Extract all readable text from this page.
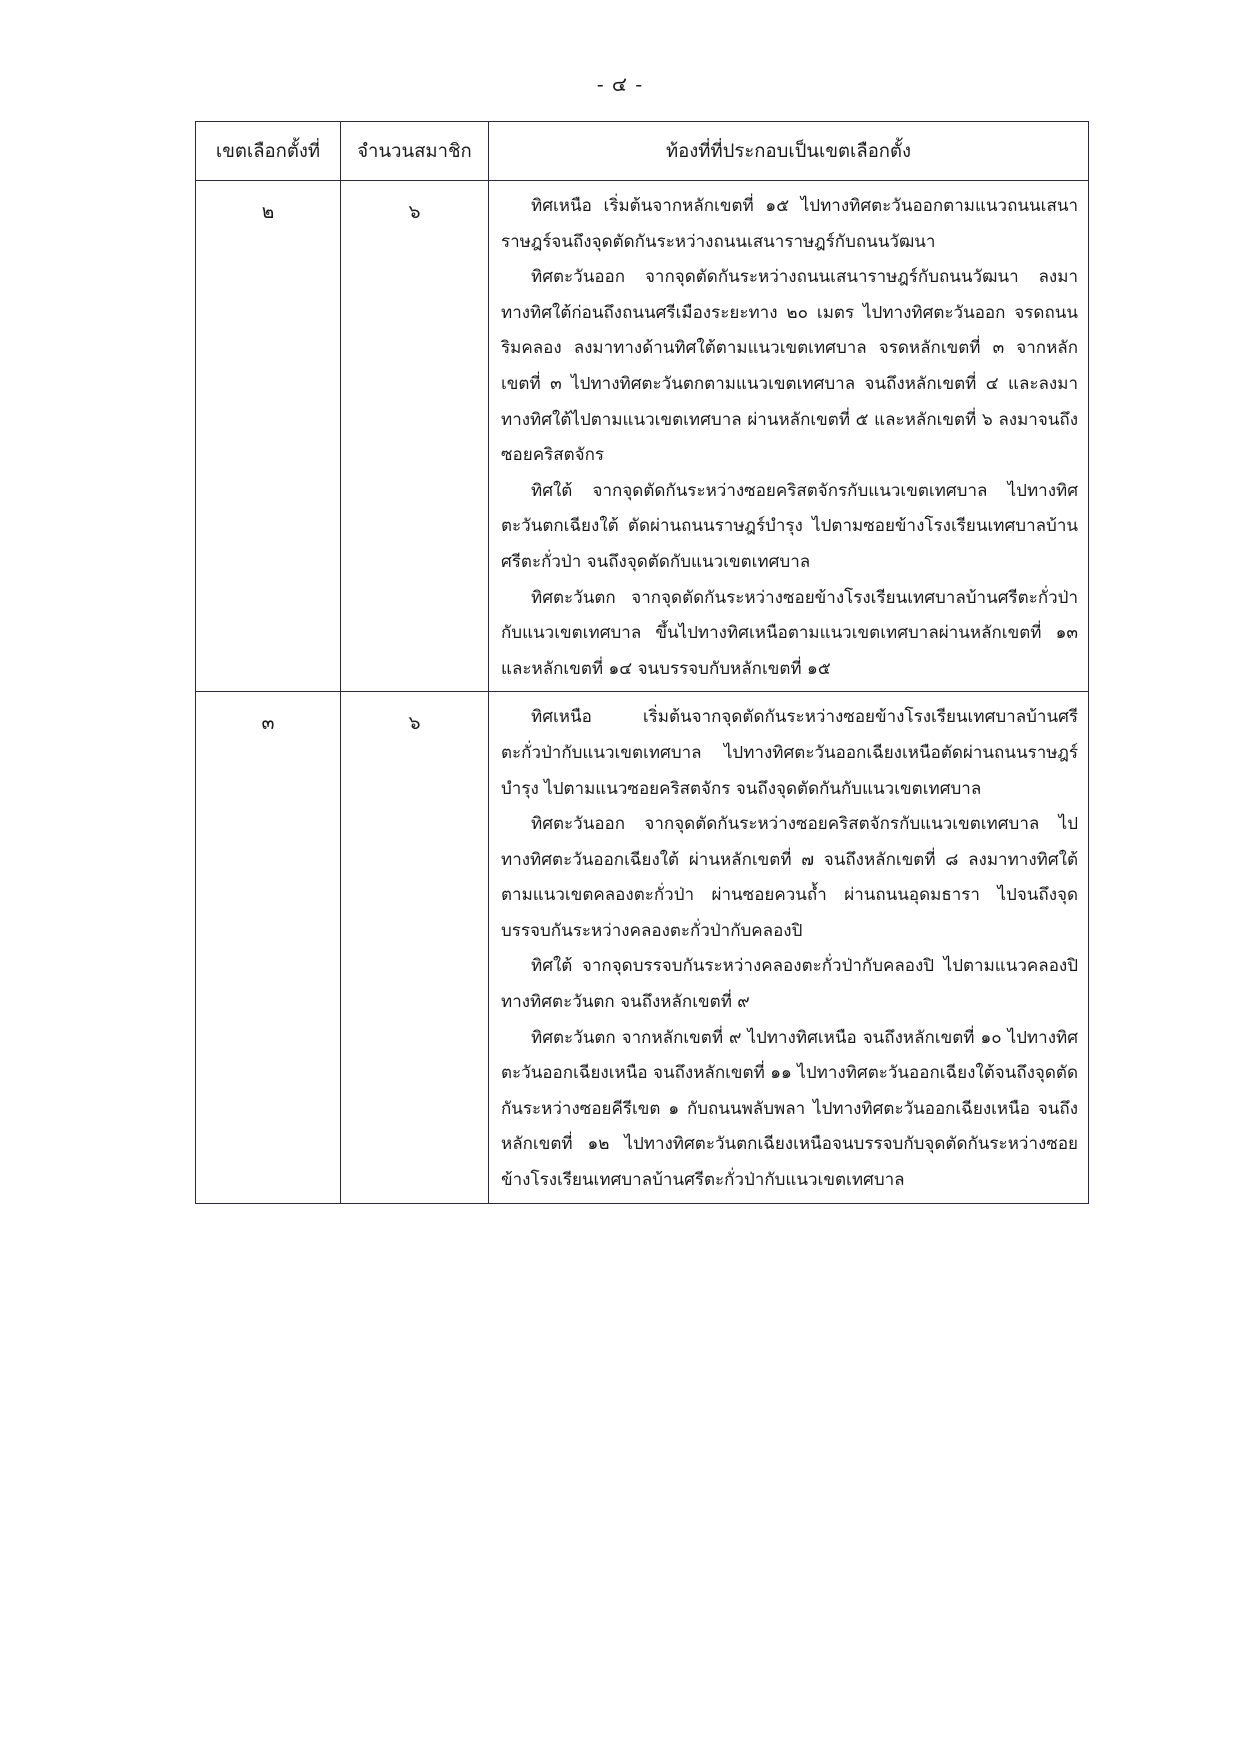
- ๔ -
เขตเลือกตั้งที่	จำนวนสมาชิก	ท้องที่ที่ประกอบเป็นเขตเลือกตั้ง
๒	๖	ทิศเหนือ เริ่มต้นจากหลักเขตที่ ๑๕ ไปทางทิศตะวันออกตามแนวถนนเสนาราษฎร์จนถึงจุดตัดกันระหว่างถนนเสนาราษฎร์กับถนนวัฒนา

ทิศตะวันออก จากจุดตัดกันระหว่างถนนเสนาราษฎร์กับถนนวัฒนา ลงมาทางทิศใต้ก่อนถึงถนนศรีเมืองระยะทาง ๒๐ เมตร ไปทางทิศตะวันออก จรดถนนริมคลอง ลงมาทางด้านทิศใต้ตามแนวเขตเทศบาล จรดหลักเขตที่ ๓ จากหลักเขตที่ ๓ ไปทางทิศตะวันตกตามแนวเขตเทศบาล จนถึงหลักเขตที่ ๔ และลงมาทางทิศใต้ไปตามแนวเขตเทศบาล ผ่านหลักเขตที่ ๕ และหลักเขตที่ ๖ ลงมาจนถึงซอยคริสตจักร

ทิศใต้ จากจุดตัดกันระหว่างซอยคริสตจักรกับแนวเขตเทศบาล ไปทางทิศตะวันตกเฉียงใต้ ตัดผ่านถนนราษฎร์บำรุง ไปตามซอยข้างโรงเรียนเทศบาลบ้านศรีตะกั่วป่า จนถึงจุดตัดกับแนวเขตเทศบาล

ทิศตะวันตก จากจุดตัดกันระหว่างซอยข้างโรงเรียนเทศบาลบ้านศรีตะกั่วป่ากับแนวเขตเทศบาล ขึ้นไปทางทิศเหนือตามแนวเขตเทศบาลผ่านหลักเขตที่ ๑๓ และหลักเขตที่ ๑๔ จนบรรจบกับหลักเขตที่ ๑๕

๓	๖	ทิศเหนือ เริ่มต้นจากจุดตัดกันระหว่างซอยข้างโรงเรียนเทศบาลบ้านศรีตะกั่วป่ากับแนวเขตเทศบาล ไปทางทิศตะวันออกเฉียงเหนือตัดผ่านถนนราษฎร์บำรุง ไปตามแนวซอยคริสตจักร จนถึงจุดตัดกันกับแนวเขตเทศบาล

ทิศตะวันออก จากจุดตัดกันระหว่างซอยคริสตจักรกับแนวเขตเทศบาล ไปทางทิศตะวันออกเฉียงใต้ ผ่านหลักเขตที่ ๗ จนถึงหลักเขตที่ ๘ ลงมาทางทิศใต้ตามแนวเขตคลองตะกั่วป่า ผ่านซอยควนถ้ำ ผ่านถนนอุดมธารา ไปจนถึงจุดบรรจบกันระหว่างคลองตะกั่วป่ากับคลองปิ

ทิศใต้ จากจุดบรรจบกันระหว่างคลองตะกั่วป่ากับคลองปิ ไปตามแนวคลองปิทางทิศตะวันตก จนถึงหลักเขตที่ ๙

ทิศตะวันตก จากหลักเขตที่ ๙ ไปทางทิศเหนือ จนถึงหลักเขตที่ ๑๐ ไปทางทิศตะวันออกเฉียงเหนือ จนถึงหลักเขตที่ ๑๑ ไปทางทิศตะวันออกเฉียงใต้จนถึงจุดตัดกันระหว่างซอยคีรีเขต ๑ กับถนนพลับพลา ไปทางทิศตะวันออกเฉียงเหนือ จนถึงหลักเขตที่ ๑๒ ไปทางทิศตะวันตกเฉียงเหนือจนบรรจบกับจุดตัดกันระหว่างซอยข้างโรงเรียนเทศบาลบ้านศรีตะกั่วป่ากับแนวเขตเทศบาล
